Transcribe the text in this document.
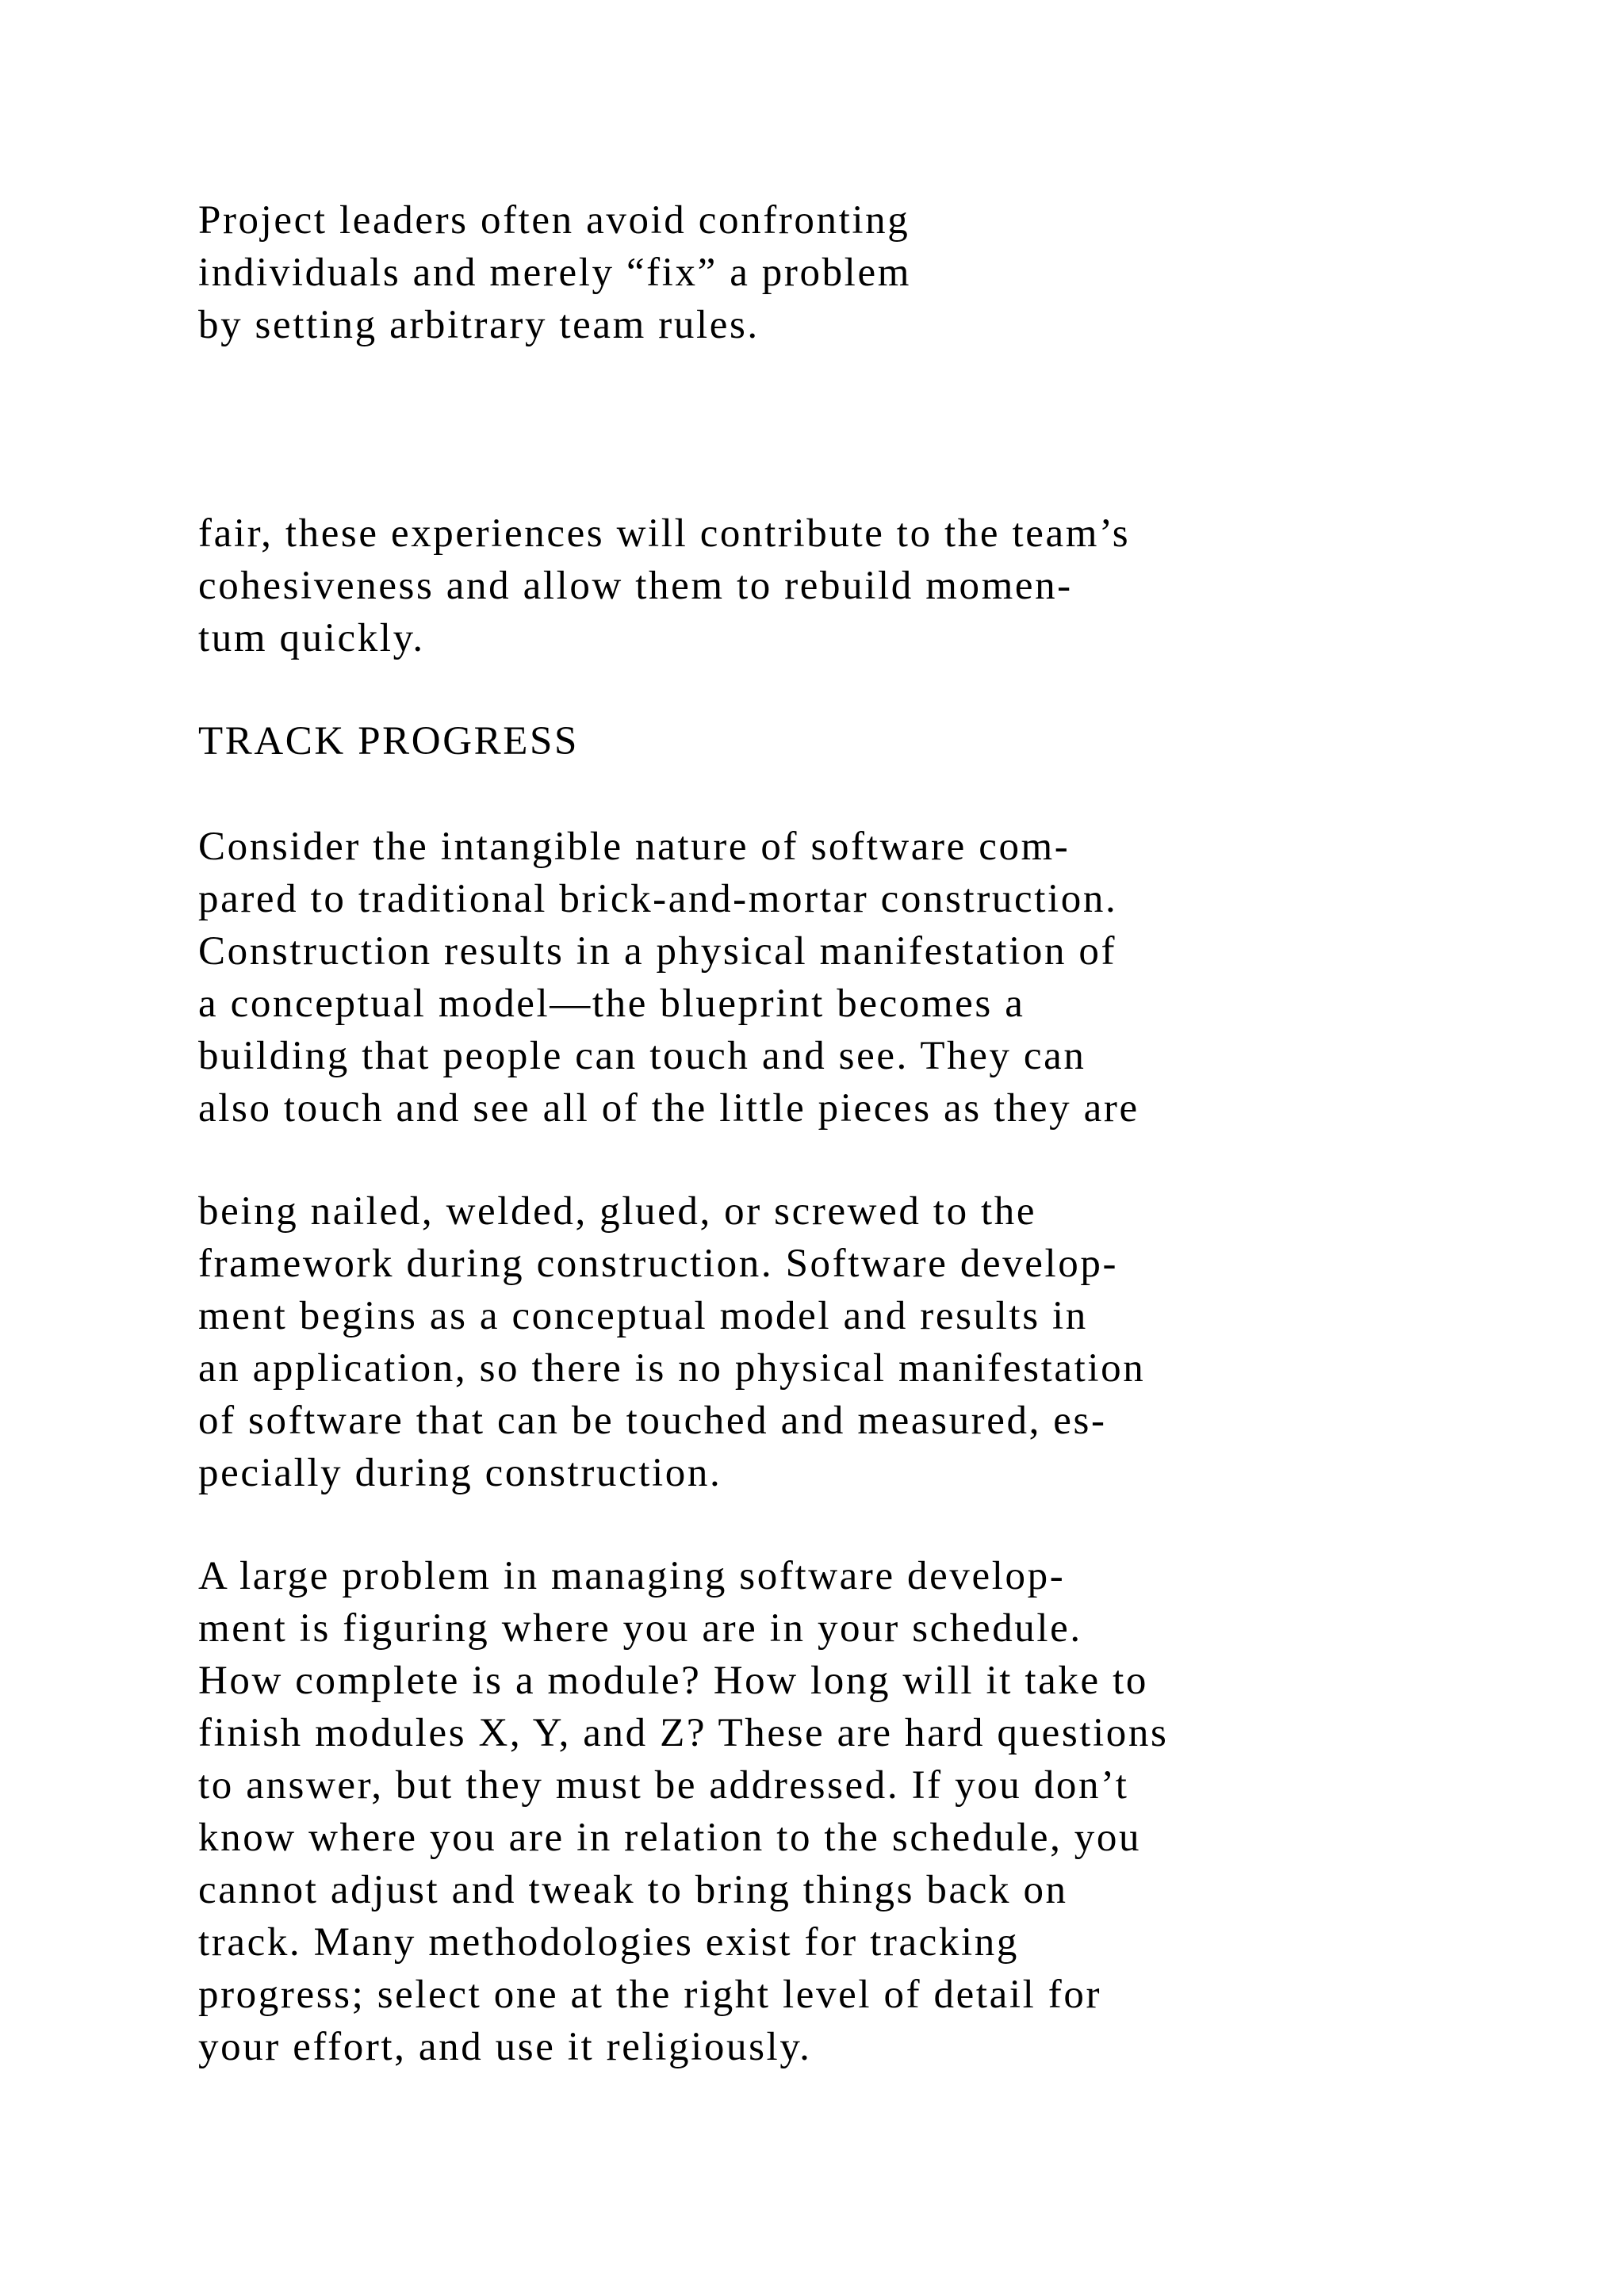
Project leaders often avoid confronting
individuals and merely “fix” a problem
by setting arbitrary team rules.
fair, these experiences will contribute to the team’s
cohesiveness and allow them to rebuild momen-
tum quickly.
TRACK PROGRESS
Consider the intangible nature of software com-
pared to traditional brick-and-mortar construction.
Construction results in a physical manifestation of
a conceptual model—the blueprint becomes a
building that people can touch and see. They can
also touch and see all of the little pieces as they are
being nailed, welded, glued, or screwed to the
framework during construction. Software develop-
ment begins as a conceptual model and results in
an application, so there is no physical manifestation
of software that can be touched and measured, es-
pecially during construction.
A large problem in managing software develop-
ment is figuring where you are in your schedule.
How complete is a module? How long will it take to
finish modules X, Y, and Z? These are hard questions
to answer, but they must be addressed. If you don’t
know where you are in relation to the schedule, you
cannot adjust and tweak to bring things back on
track. Many methodologies exist for tracking
progress; select one at the right level of detail for
your effort, and use it religiously.
